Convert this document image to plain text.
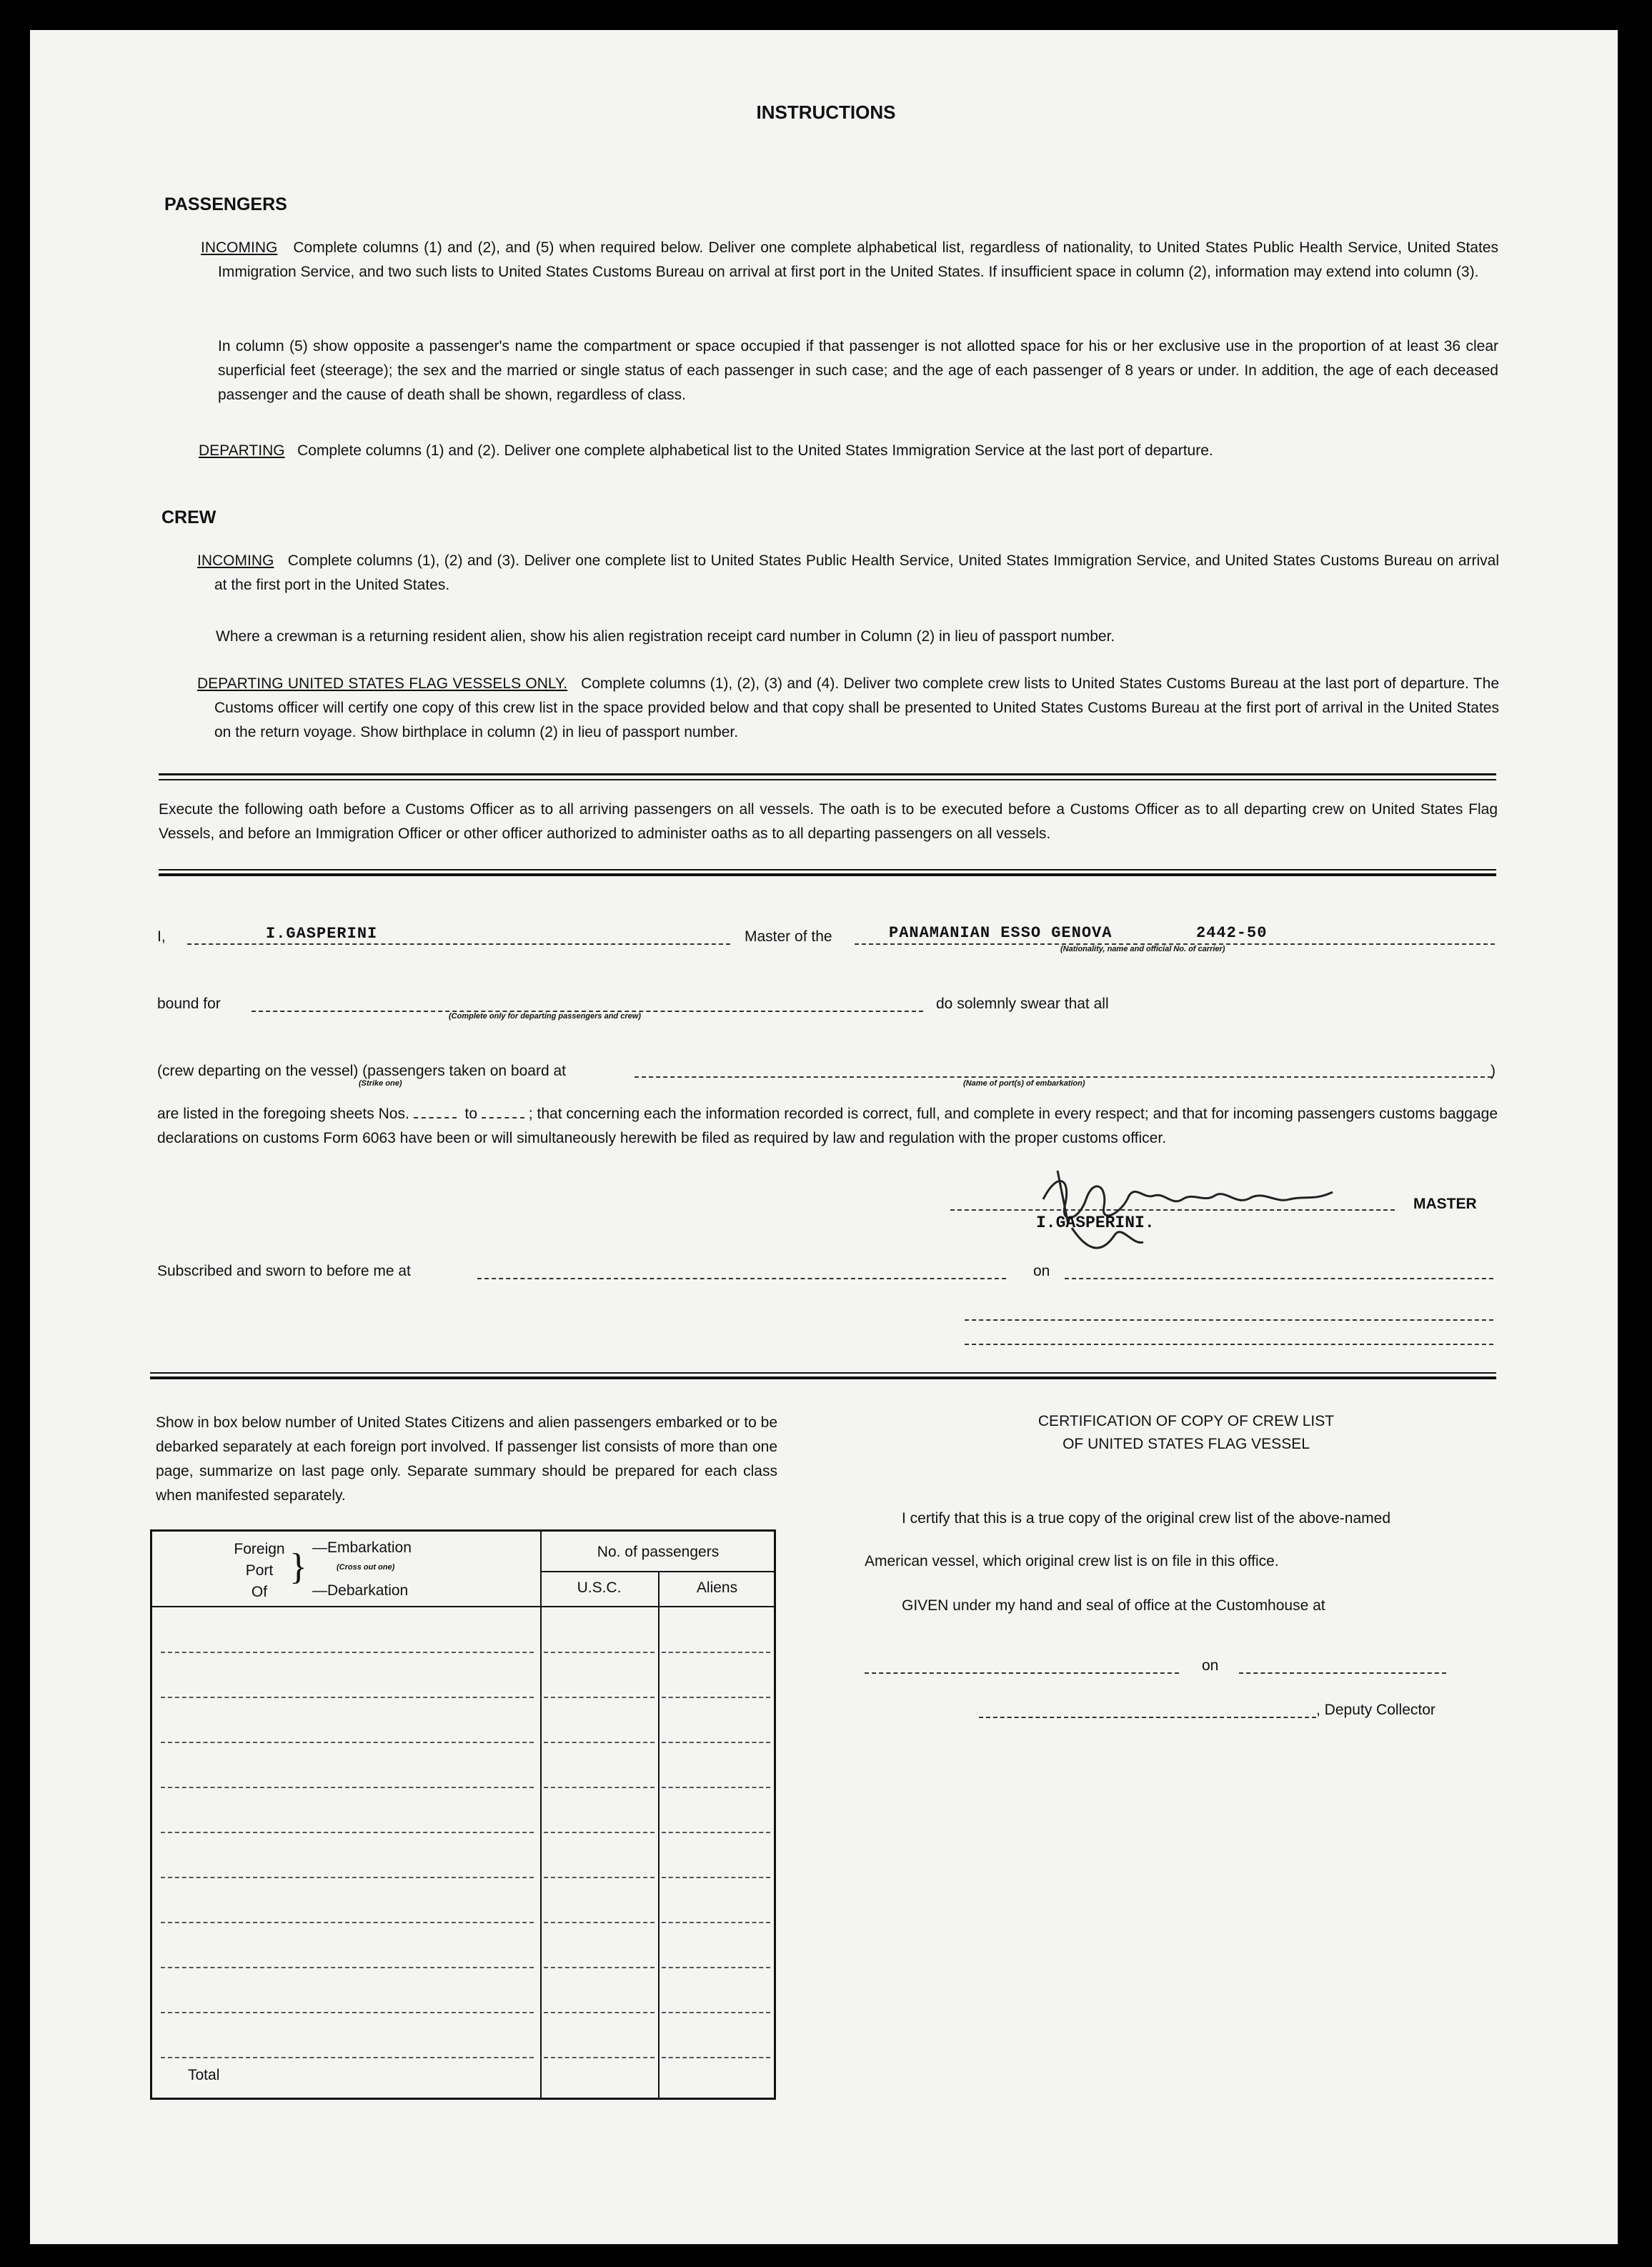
INSTRUCTIONS
PASSENGERS
INCOMING Complete columns (1) and (2), and (5) when required below. Deliver one complete alphabetical list, regardless of nationality, to United States Public Health Service, United States Immigration Service, and two such lists to United States Customs Bureau on arrival at first port in the United States. If insufficient space in column (2), information may extend into column (3).
In column (5) show opposite a passenger's name the compartment or space occupied if that passenger is not allotted space for his or her exclusive use in the proportion of at least 36 clear superficial feet (steerage); the sex and the married or single status of each passenger in such case; and the age of each passenger of 8 years or under. In addition, the age of each deceased passenger and the cause of death shall be shown, regardless of class.
DEPARTING Complete columns (1) and (2). Deliver one complete alphabetical list to the United States Immigration Service at the last port of departure.
CREW
INCOMING Complete columns (1), (2) and (3). Deliver one complete list to United States Public Health Service, United States Immigration Service, and United States Customs Bureau on arrival at the first port in the United States.
Where a crewman is a returning resident alien, show his alien registration receipt card number in Column (2) in lieu of passport number.
DEPARTING UNITED STATES FLAG VESSELS ONLY. Complete columns (1), (2), (3) and (4). Deliver two complete crew lists to United States Customs Bureau at the last port of departure. The Customs officer will certify one copy of this crew list in the space provided below and that copy shall be presented to United States Customs Bureau at the first port of arrival in the United States on the return voyage. Show birthplace in column (2) in lieu of passport number.
Execute the following oath before a Customs Officer as to all arriving passengers on all vessels. The oath is to be executed before a Customs Officer as to all departing crew on United States Flag Vessels, and before an Immigration Officer or other officer authorized to administer oaths as to all departing passengers on all vessels.
I,	I.GASPERINI	Master of the	PANAMANIAN ESSO GENOVA	2442-50
(Nationality, name and official No. of carrier)
bound for
(Complete only for departing passengers and crew)
do solemnly swear that all
(crew departing on the vessel) (passengers taken on board at
(Strike one)	(Name of port(s) of embarkation)
)
are listed in the foregoing sheets Nos.	to	; that concerning each the information recorded is correct, full, and complete in every respect; and that for incoming passengers customs baggage declarations on customs Form 6063 have been or will simultaneously herewith be filed as required by law and regulation with the proper customs officer.
MASTER
I.GASPERINI.
Subscribed and sworn to before me at	on
Show in box below number of United States Citizens and alien passengers embarked or to be debarked separately at each foreign port involved. If passenger list consists of more than one page, summarize on last page only. Separate summary should be prepared for each class when manifested separately.
Foreign
Port
Of
} —Embarkation
(Cross out one)
—Debarkation
No. of passengers
U.S.C.	Aliens
Total
CERTIFICATION OF COPY OF CREW LIST
OF UNITED STATES FLAG VESSEL
I certify that this is a true copy of the original crew list of the above-named
American vessel, which original crew list is on file in this office.
GIVEN under my hand and seal of office at the Customhouse at
on
, Deputy Collector
